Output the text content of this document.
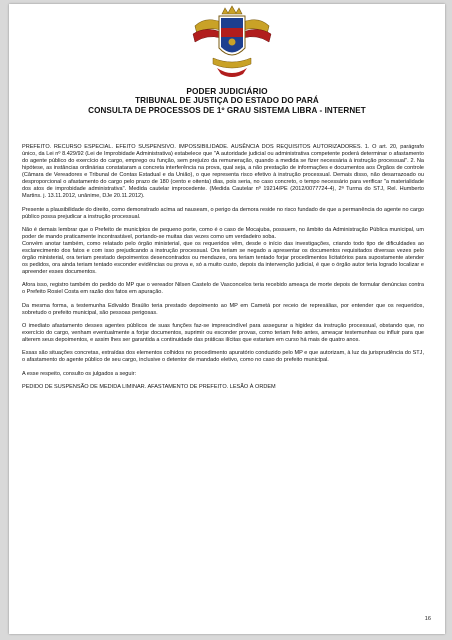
PODER JUDICIÁRIO
TRIBUNAL DE JUSTIÇA DO ESTADO DO PARÁ
CONSULTA DE PROCESSOS DE 1º GRAU SISTEMA LIBRA - INTERNET

PREFEITO. RECURSO ESPECIAL. EFEITO SUSPENSIVO. IMPOSSIBILIDADE. AUSÊNCIA DOS REQUISITOS AUTORIZADORES. 1. O art. 20, parágrafo único, da Lei nº 8.429/92 (Lei de Improbidade Administrativa) estabelece que "A autoridade judicial ou administrativa competente poderá determinar o afastamento do agente público do exercício do cargo, emprego ou função, sem prejuízo da remuneração, quando a medida se fizer necessária à instrução processual". 2. Na hipótese, as instâncias ordinárias constataram a concreta interferência na prova, qual seja, a não prestação de informações e documentos aos Órgãos de controle (Câmara de Vereadores e Tribunal de Contas Estadual e da União), o que representa risco efetivo à instrução processual. Demais disso, não desarrazoado ou desproporcional o afastamento do cargo pelo prazo de 180 (cento e oitenta) dias, pois seria, no caso concreto, o tempo necessário para verificar "a materialidade dos atos de improbidade administrativa". Medida cautelar improcedente. (Medida Cautelar nº 19214/PE (2012/0077724-4), 2ª Turma do STJ, Rel. Humberto Martins. j. 13.11.2012, unânime, DJe 20.11.2012).

Presente a plausibilidade do direito, como demonstrado acima ad nauseam, o perigo da demora reside no risco fundado de que a permanência do agente no cargo público possa prejudicar a instrução processual.

Não é demais lembrar que o Prefeito de municípios de pequeno porte, como é o caso de Mocajuba, possuem, no âmbito da Administração Pública municipal, um poder de mando praticamente incontrastável, portando-se muitas das vezes como um verdadeiro soba.

Convém anotar também, como relatado pelo órgão ministerial, que os requeridos vêm, desde o início das investigações, criando todo tipo de dificuldades ao esclarecimento dos fatos e com isso prejudicando a instrução processual. Ora teriam se negado a apresentar os documentos requisitados diversas vezes pelo órgão ministerial, ora teriam prestado depoimentos desencontrados ou mendazes, ora teriam tentado forjar procedimentos licitatórios para supostamente atender os pedidos, ora ainda teriam tentado esconder evidências ou prova e, só a muito custo, depois da intervenção judicial, é que o órgão autor teria logrado localizar e apreender esses documentos.

Afora isso, registro também do pedido do MP que o vereador Nilsen Castelo de Vasconcelos teria recebido ameaça de morte depois de formular denúncias contra o Prefeito Rosiel Costa em razão dos fatos em apuração.

Da mesma forma, a testemunha Edivaldo Braúlio teria prestado depoimento ao MP em Cametá por receio de represálias, por entender que os requeridos, sobretudo o prefeito municipal, são pessoas perigosas.

O imediato afastamento desses agentes públicos de suas funções faz-se imprescindível para assegurar a higidez da instrução processual, obstando que, no exercício do cargo, venham eventualmente a forjar documentos, suprimir ou esconder provas, como teriam feito antes, ameaçar testemunhas ou influir para que alterem seus depoimentos, e assim lhes ser garantida a continuidade das práticas ilícitas que estariam em curso há mais de quatro anos.

Essas são situações concretas, extraídas dos elementos colhidos no procedimento apuratório conduzido pelo MP e que autorizam, à luz da jurisprudência do STJ, o afastamento do agente público de seu cargo, inclusive o detentor de mandado eletivo, como no caso do prefeito municipal.

A esse respeito, consulto os julgados a seguir:

PEDIDO DE SUSPENSÃO DE MEDIDA LIMINAR. AFASTAMENTO DE PREFEITO. LESÃO À ORDEM

16
